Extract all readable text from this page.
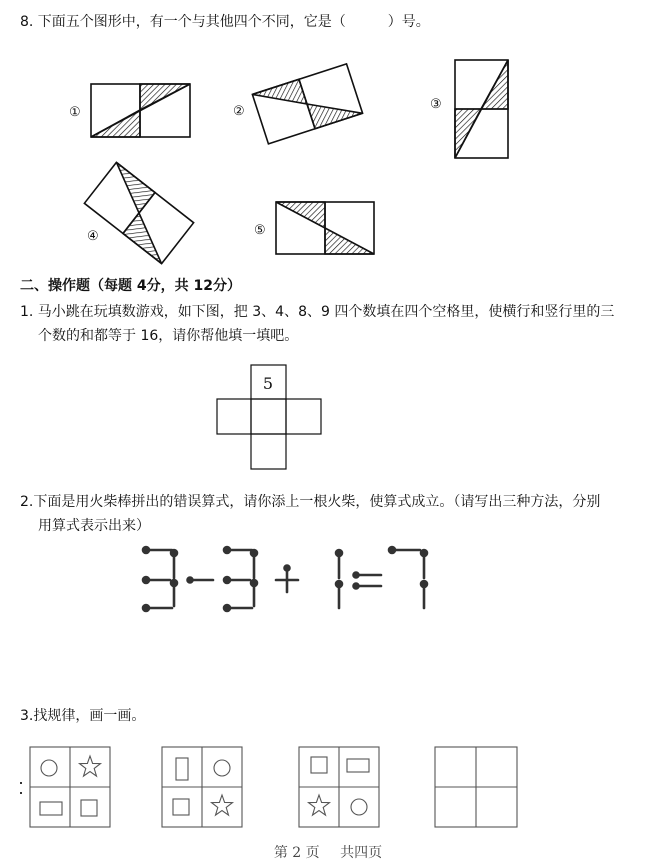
8. 下面五个图形中，有一个与其他四个不同，它是（　　　）号。
①	②	③
④	⑤
5
二、操作题（每题 4分，共 12分）
1. 马小跳在玩填数游戏，如下图，把 3、4、8、9 四个数填在四个空格里，使横行和竖行里的三
个数的和都等于 16，请你帮他填一填吧。
2.下面是用火柴棒拼出的错误算式，请你添上一根火柴，使算式成立。（请写出三种方法，分别
用算式表示出来）
3.找规律，画一画。
第 2 页 共四页
